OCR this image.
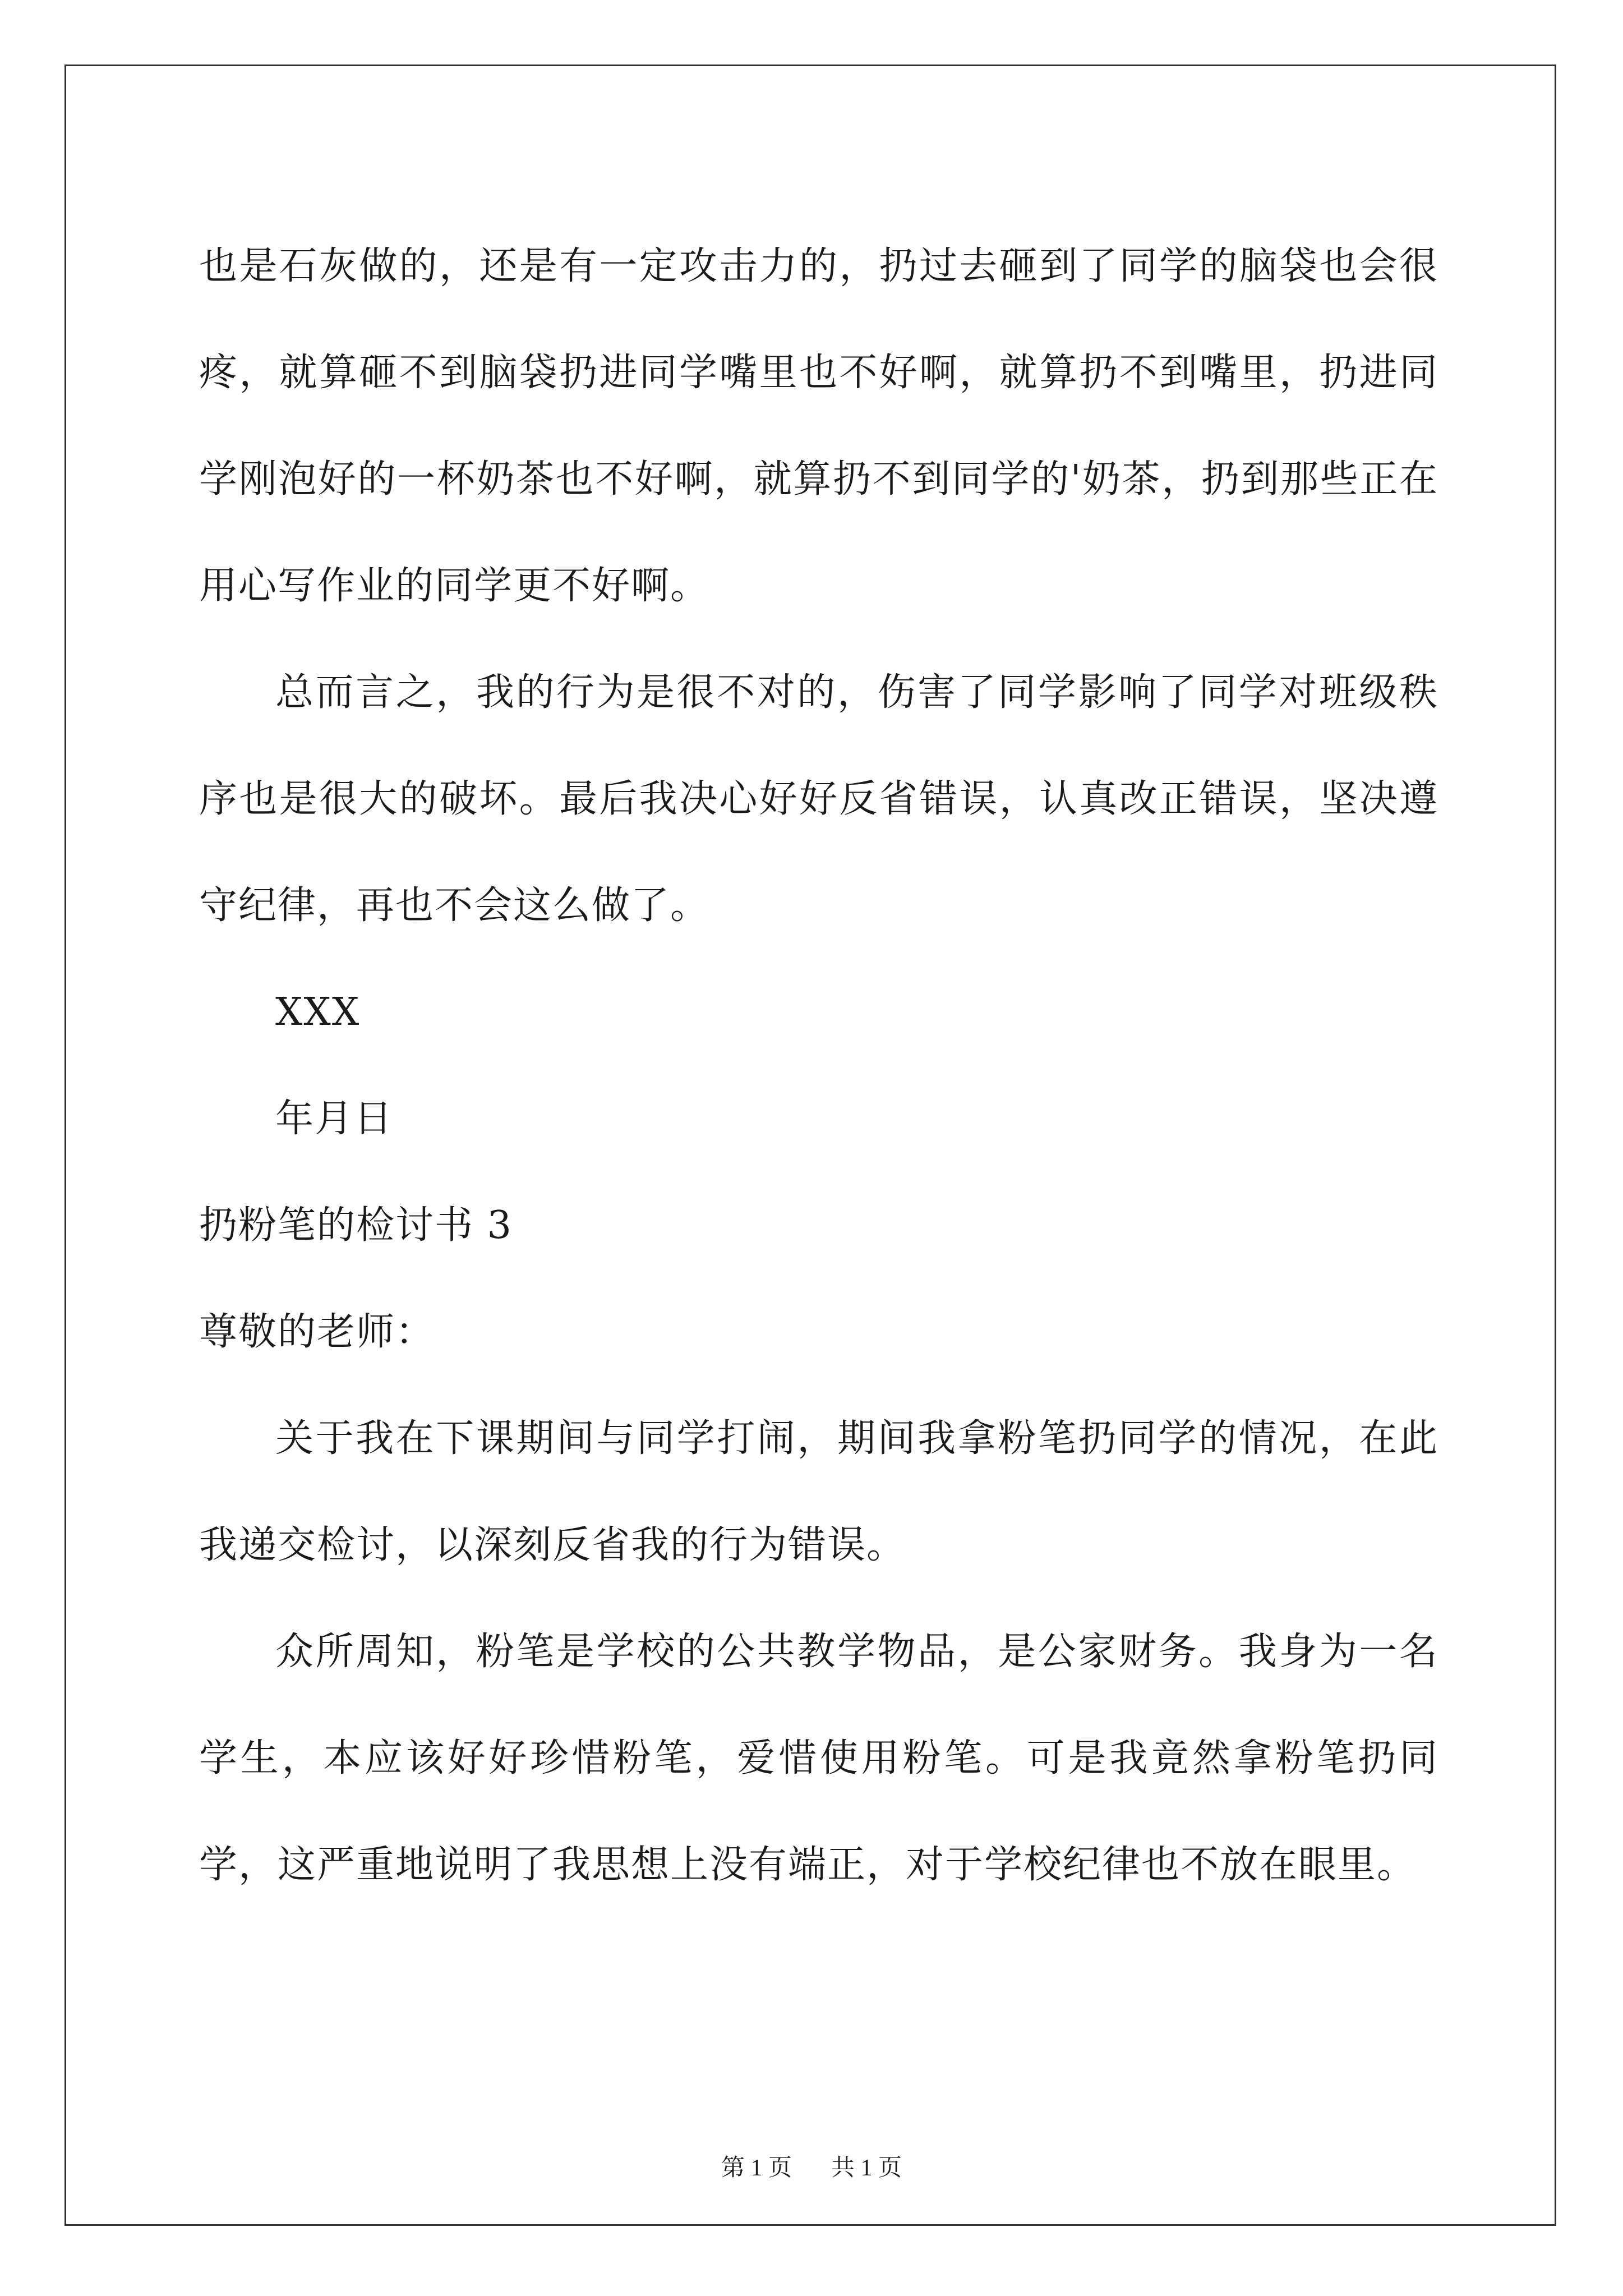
也是石灰做的，还是有一定攻击力的，扔过去砸到了同学的脑袋也会很疼，就算砸不到脑袋扔进同学嘴里也不好啊，就算扔不到嘴里，扔进同学刚泡好的一杯奶茶也不好啊，就算扔不到同学的'奶茶，扔到那些正在用心写作业的同学更不好啊。

总而言之，我的行为是很不对的，伤害了同学影响了同学对班级秩序也是很大的破坏。最后我决心好好反省错误，认真改正错误，坚决遵守纪律，再也不会这么做了。

XXX

年月日

扔粉笔的检讨书 3

尊敬的老师：

关于我在下课期间与同学打闹，期间我拿粉笔扔同学的情况，在此我递交检讨，以深刻反省我的行为错误。

众所周知，粉笔是学校的公共教学物品，是公家财务。我身为一名学生，本应该好好珍惜粉笔，爱惜使用粉笔。可是我竟然拿粉笔扔同学，这严重地说明了我思想上没有端正，对于学校纪律也不放在眼里。

第 1 页 共 1 页
